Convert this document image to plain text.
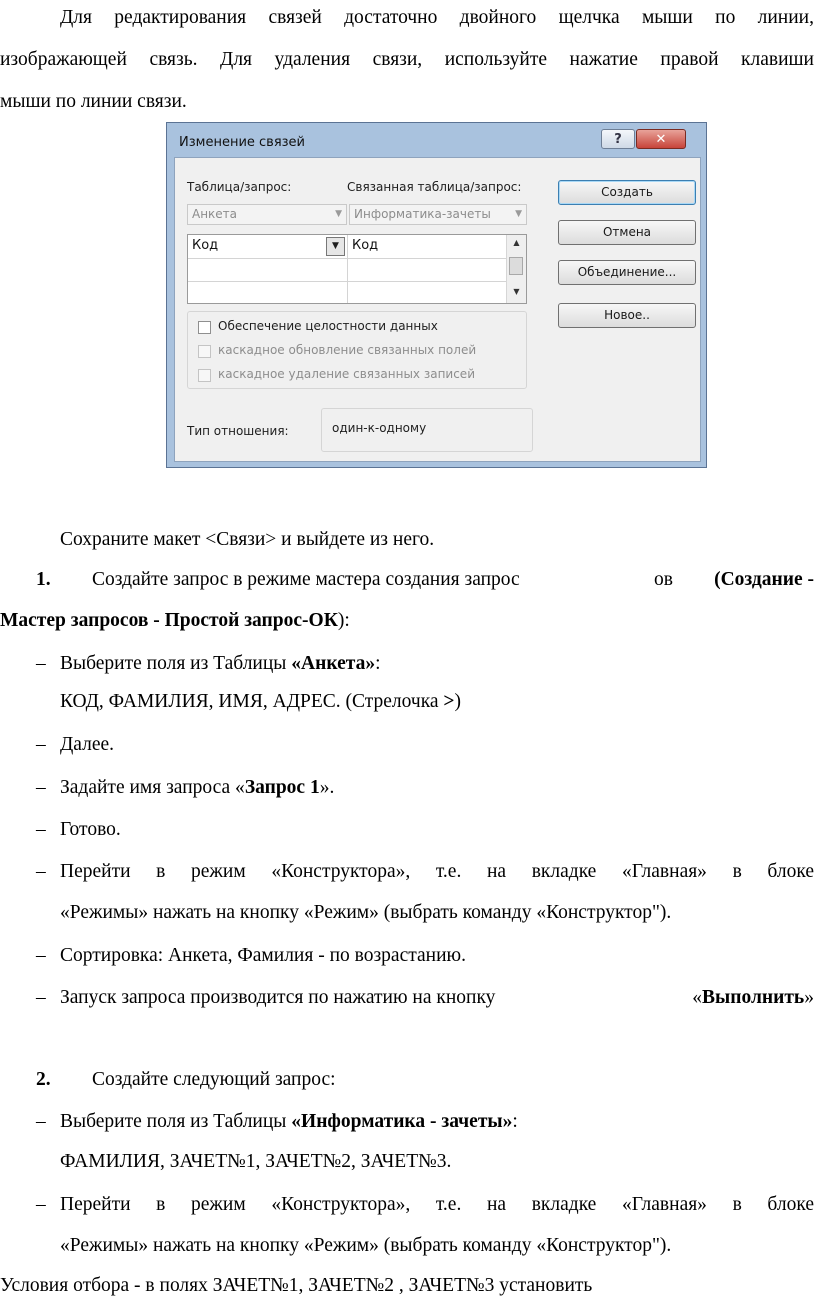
Для редактирования связей достаточно двойного щелчка мыши по линии,
изображающей связь. Для удаления связи, используйте нажатие правой клавиши
мыши по линии связи.
Изменение связей	?	✕
Таблица/запрос:	Связанная таблица/запрос:
Анкета	▼	Информатика-зачеты	▼
Код	▼	Код	▲
▼
Обеспечение целостности данных
каскадное обновление связанных полей
каскадное удаление связанных записей
Тип отношения:	один-к-одному
Создать
Отмена
Объединение...
Новое..
Сохраните макет <Связи> и выйдете из него.
1. Создайте запрос в режиме мастера создания запрос	ов	(Создание -
Мастер запросов - Простой запрос-ОК):
– Выберите поля из Таблицы «Анкета»:
КОД, ФАМИЛИЯ, ИМЯ, АДРЕС. (Стрелочка >)
– Далее.
– Задайте имя запроса «Запрос 1».
– Готово.
– Перейти в режим «Конструктора», т.е. на вкладке «Главная» в блоке
«Режимы» нажать на кнопку «Режим» (выбрать команду «Конструктор").
– Сортировка: Анкета, Фамилия - по возрастанию.
– Запуск запроса производится по нажатию на кнопку	«Выполнить»
2. Создайте следующий запрос:
– Выберите поля из Таблицы «Информатика - зачеты»:
ФАМИЛИЯ, ЗАЧЕТ№1, ЗАЧЕТ№2, ЗАЧЕТ№3.
– Перейти в режим «Конструктора», т.е. на вкладке «Главная» в блоке
«Режимы» нажать на кнопку «Режим» (выбрать команду «Конструктор").
Условия отбора - в полях ЗАЧЕТ№1, ЗАЧЕТ№2 , ЗАЧЕТ№3 установить
